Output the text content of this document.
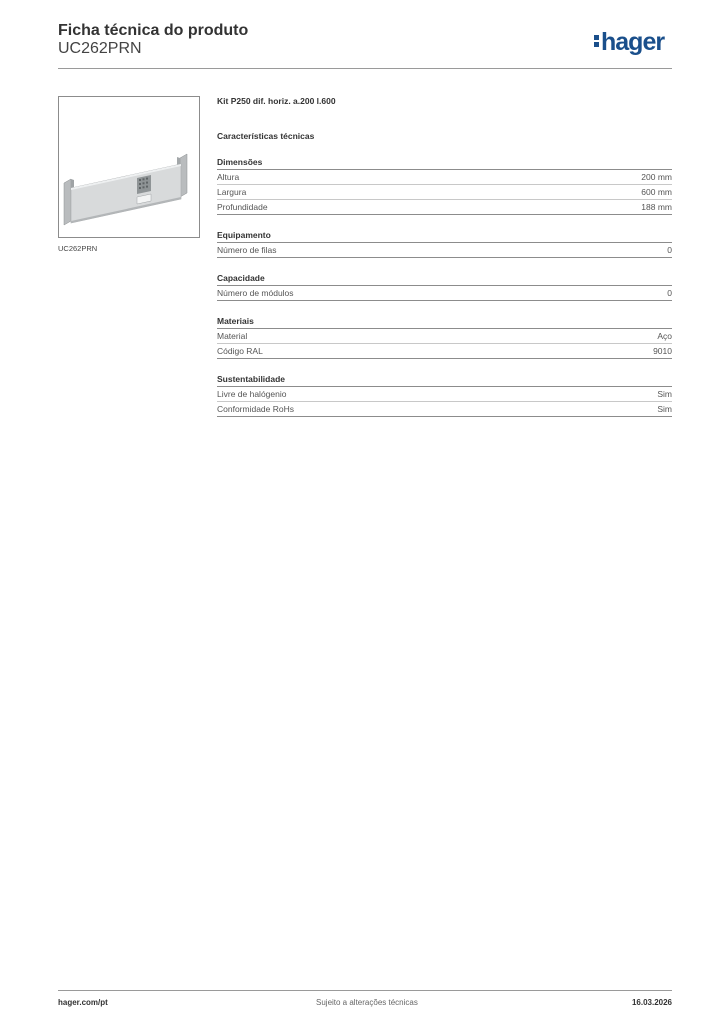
Ficha técnica do produto
UC262PRN	hager
UC262PRN
Kit P250 dif. horiz. a.200 l.600
Características técnicas
Dimensões
Altura	200 mm
Largura	600 mm
Profundidade	188 mm
Equipamento
Número de filas	0
Capacidade
Número de módulos	0
Materiais
Material	Aço
Código RAL	9010
Sustentabilidade
Livre de halógenio	Sim
Conformidade RoHs	Sim
hager.com/pt	Sujeito a alterações técnicas	16.03.2026
